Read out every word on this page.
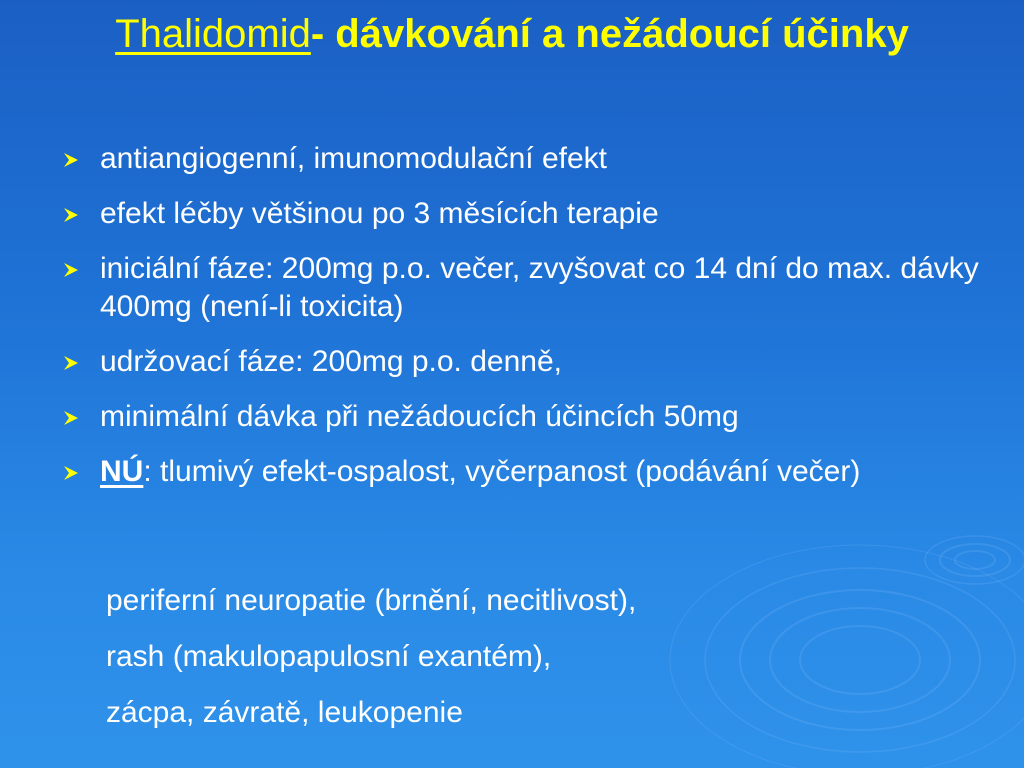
Thalidomid- dávkování a nežádoucí účinky
antiangiogenní, imunomodulační efekt
efekt léčby většinou po 3 měsících terapie
iniciální fáze: 200mg p.o. večer, zvyšovat co 14 dní do max. dávky 400mg (není-li toxicita)
udržovací fáze: 200mg p.o. denně,
minimální dávka při nežádoucích účincích 50mg
NÚ: tlumivý efekt-ospalost, vyčerpanost (podávání večer)
periferní neuropatie (brnění, necitlivost),
rash (makulopapulosní exantém),
zácpa, závratě, leukopenie
